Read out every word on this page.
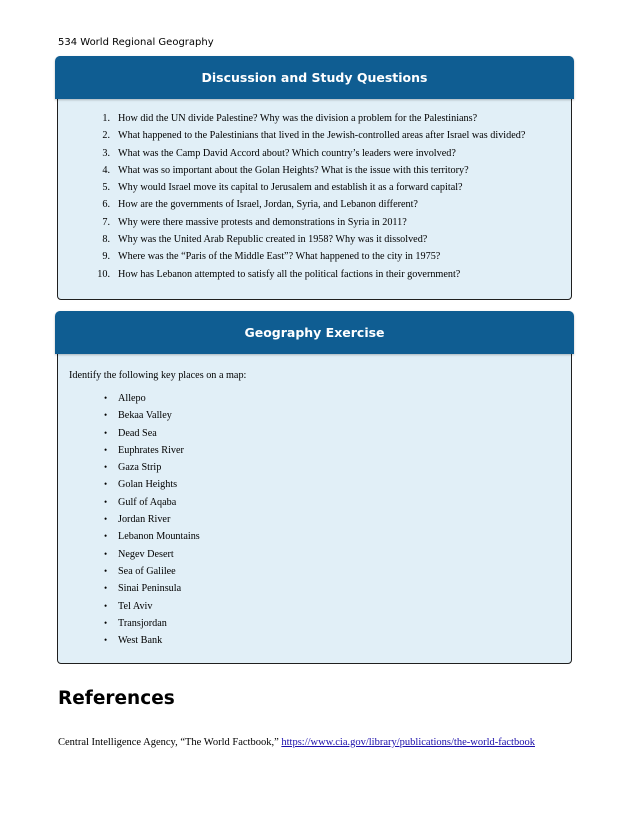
534 World Regional Geography
Discussion and Study Questions
1. How did the UN divide Palestine? Why was the division a problem for the Palestinians?
2. What happened to the Palestinians that lived in the Jewish-controlled areas after Israel was divided?
3. What was the Camp David Accord about? Which country’s leaders were involved?
4. What was so important about the Golan Heights? What is the issue with this territory?
5. Why would Israel move its capital to Jerusalem and establish it as a forward capital?
6. How are the governments of Israel, Jordan, Syria, and Lebanon different?
7. Why were there massive protests and demonstrations in Syria in 2011?
8. Why was the United Arab Republic created in 1958? Why was it dissolved?
9. Where was the “Paris of the Middle East”? What happened to the city in 1975?
10. How has Lebanon attempted to satisfy all the political factions in their government?
Geography Exercise
Identify the following key places on a map:
• Allepo
• Bekaa Valley
• Dead Sea
• Euphrates River
• Gaza Strip
• Golan Heights
• Gulf of Aqaba
• Jordan River
• Lebanon Mountains
• Negev Desert
• Sea of Galilee
• Sinai Peninsula
• Tel Aviv
• Transjordan
• West Bank
References
Central Intelligence Agency, “The World Factbook,” https://www.cia.gov/library/publications/the-world-factbook
